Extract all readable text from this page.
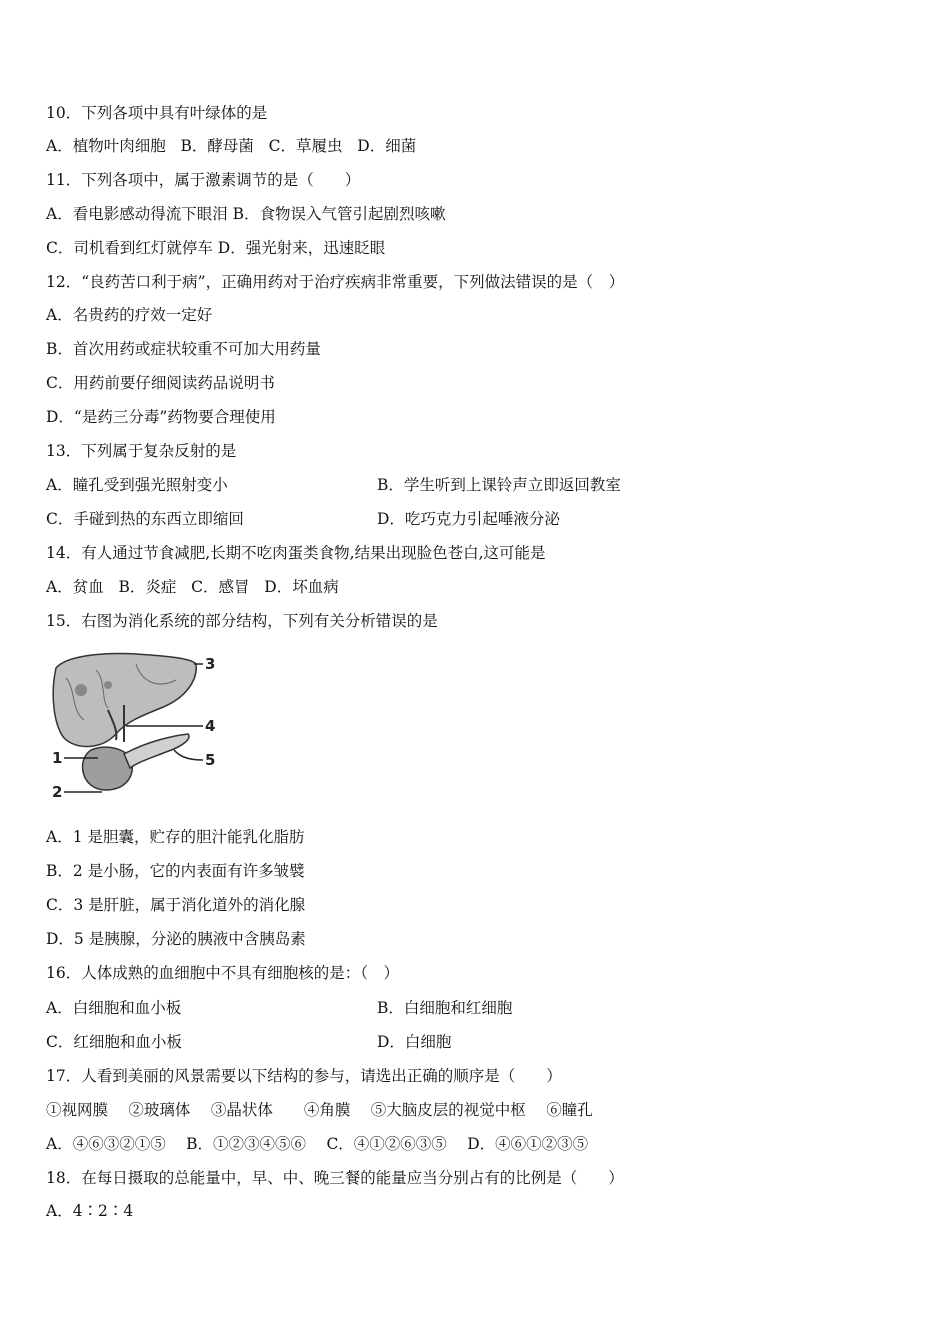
10．下列各项中具有叶绿体的是
A．植物叶肉细胞   B．酵母菌   C．草履虫   D．细菌
11．下列各项中，属于激素调节的是（　　）
A．看电影感动得流下眼泪 B．食物误入气管引起剧烈咳嗽
C．司机看到红灯就停车 D．强光射来，迅速眨眼
12．“良药苦口利于病”，正确用药对于治疗疾病非常重要，下列做法错误的是（　）
A．名贵药的疗效一定好
B．首次用药或症状较重不可加大用药量
C．用药前要仔细阅读药品说明书
D．“是药三分毒”药物要合理使用
13．下列属于复杂反射的是
A．瞳孔受到强光照射变小	B．学生听到上课铃声立即返回教室
C．手碰到热的东西立即缩回	D．吃巧克力引起唾液分泌
14．有人通过节食减肥,长期不吃肉蛋类食物,结果出现脸色苍白,这可能是
A．贫血   B．炎症   C．感冒   D．坏血病
15．右图为消化系统的部分结构，下列有关分析错误的是
3
4
5
1
2
A．1 是胆囊，贮存的胆汁能乳化脂肪
B．2 是小肠，它的内表面有许多皱襞
C．3 是肝脏，属于消化道外的消化腺
D．5 是胰腺，分泌的胰液中含胰岛素
16．人体成熟的血细胞中不具有细胞核的是：（　）
A．白细胞和血小板	B．白细胞和红细胞
C．红细胞和血小板	D．白细胞
17．人看到美丽的风景需要以下结构的参与，请选出正确的顺序是（　　）
①视网膜　 ②玻璃体　 ③晶状体　　④角膜　 ⑤大脑皮层的视觉中枢　 ⑥瞳孔
A．④⑥③②①⑤　 B．①②③④⑤⑥　 C．④①②⑥③⑤　 D．④⑥①②③⑤
18．在每日摄取的总能量中，早、中、晚三餐的能量应当分别占有的比例是（　　）
A．4∶2∶4
